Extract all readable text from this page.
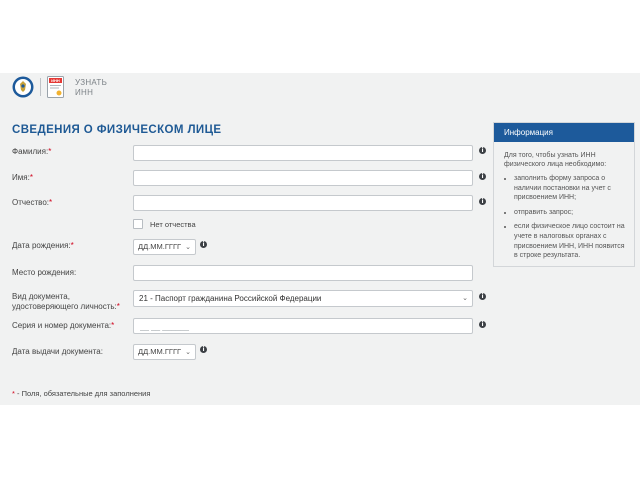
ИНН УЗНАТЬ
ИНН
СВЕДЕНИЯ О ФИЗИЧЕСКОМ ЛИЦЕ
Фамилия:*	i
Имя:*	i
Отчество:*	i
Нет отчества
Дата рождения:*	ДД.ММ.ГГГГ ⌄	i
Место рождения:
Вид документа,
удостоверяющего личность:*
21 - Паспорт гражданина Российской Федерации	⌄	i
Серия и номер документа:*
__ __ ______	i
Дата выдачи документа:	ДД.ММ.ГГГГ ⌄	i
* - Поля, обязательные для заполнения
Информация
Для того, чтобы узнать ИНН физического лица необходимо:
• заполнить форму запроса о наличии постановки на учет с присвоением ИНН;
• отправить запрос;
• если физическое лицо состоит на учете в налоговых органах с присвоением ИНН, ИНН появится в строке результата.
